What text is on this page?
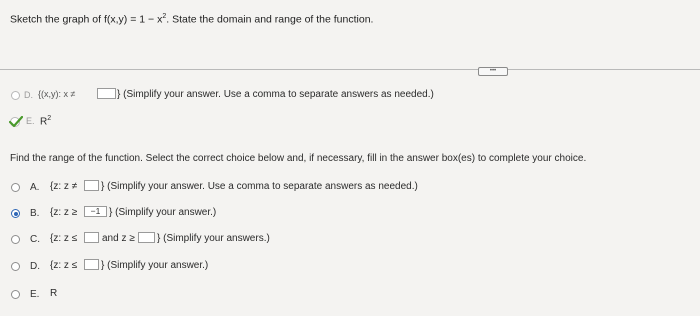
Sketch the graph of $f(x,y) = 1 - x^2$. State the domain and range of the function.
•••
D. {(x,y): x ≠	} (Simplify your answer. Use a comma to separate answers as needed.)
E. $R^2$
Find the range of the function. Select the correct choice below and, if necessary, fill in the answer box(es) to complete your choice.
A. {z: z ≠ } (Simplify your answer. Use a comma to separate answers as needed.)
B. {z: z ≥	−1 } (Simplify your answer.)
C. {z: z ≤ and z ≥ } (Simplify your answers.)
D. {z: z ≤ } (Simplify your answer.)
E. R
